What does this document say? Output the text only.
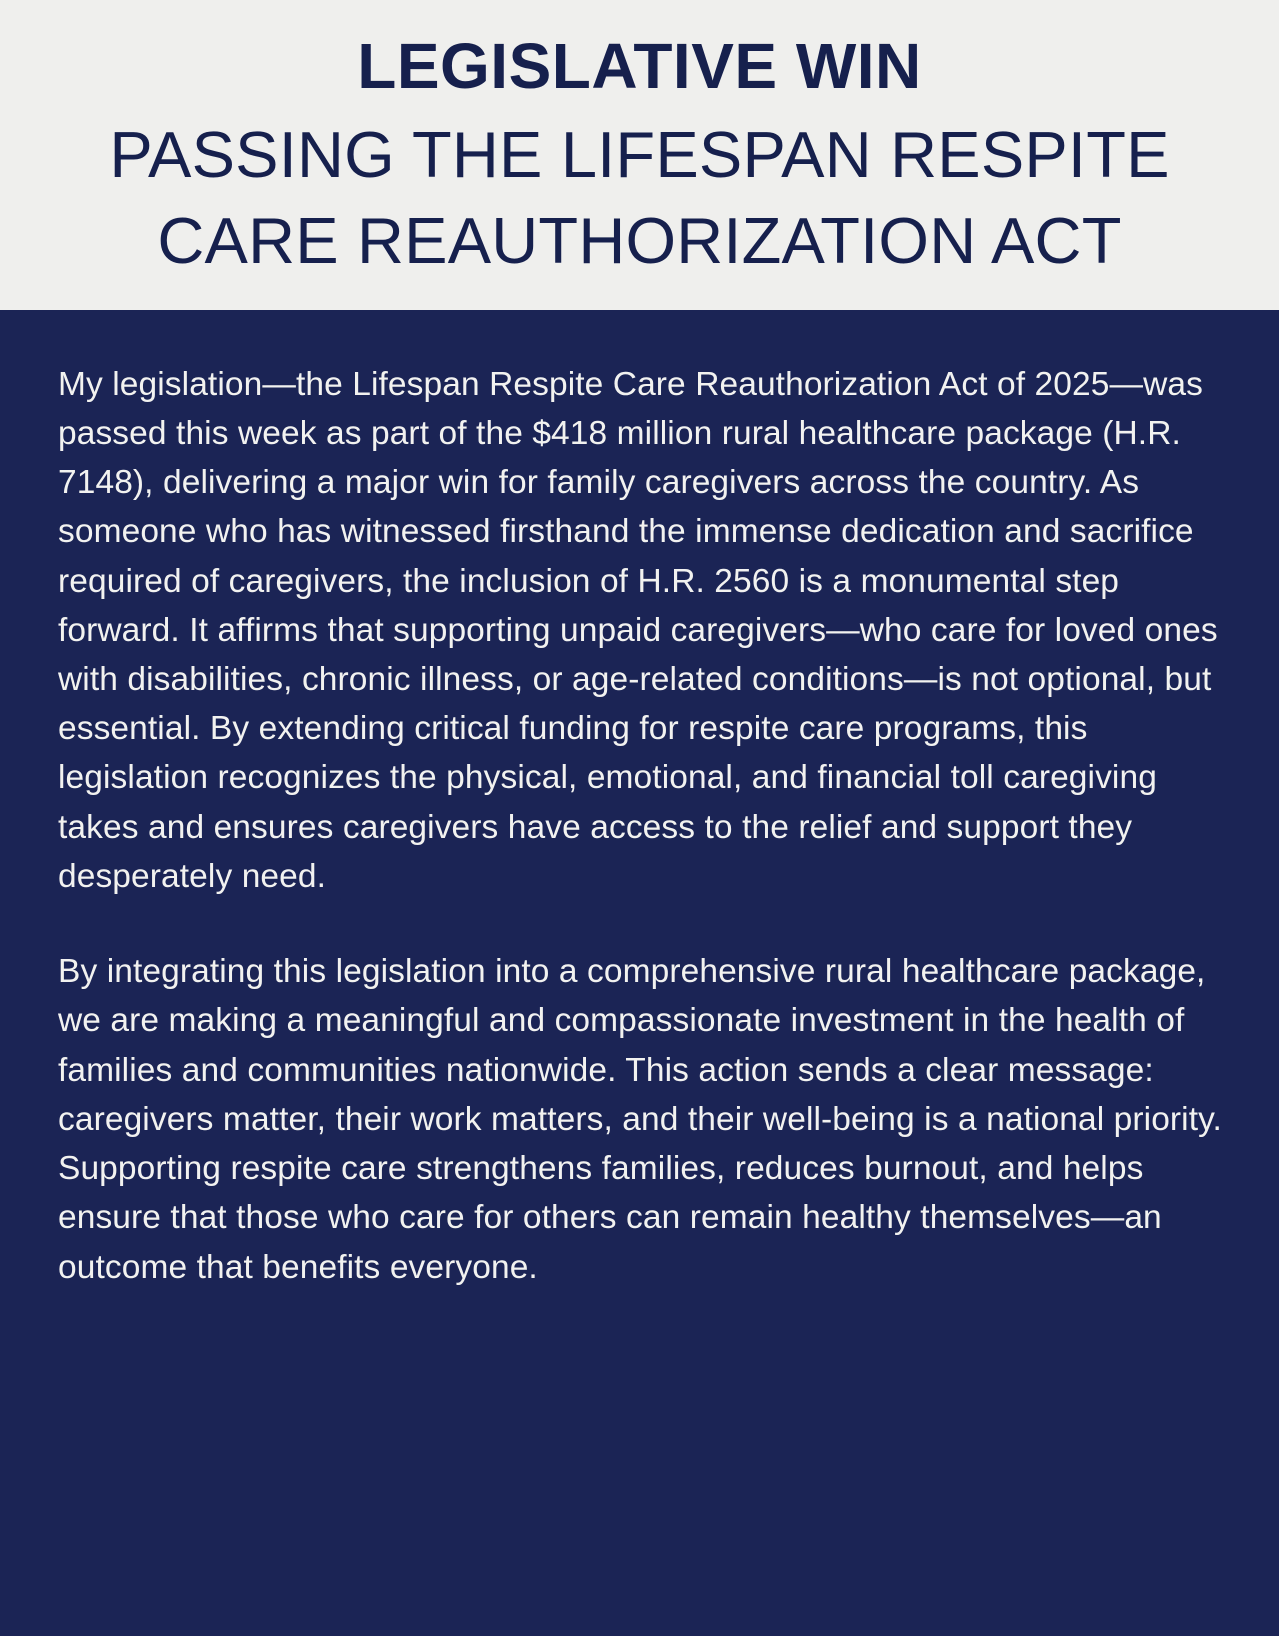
LEGISLATIVE WIN
PASSING THE LIFESPAN RESPITE CARE REAUTHORIZATION ACT

My legislation—the Lifespan Respite Care Reauthorization Act of 2025—was passed this week as part of the $418 million rural healthcare package (H.R. 7148), delivering a major win for family caregivers across the country. As someone who has witnessed firsthand the immense dedication and sacrifice required of caregivers, the inclusion of H.R. 2560 is a monumental step forward. It affirms that supporting unpaid caregivers—who care for loved ones with disabilities, chronic illness, or age-related conditions—is not optional, but essential. By extending critical funding for respite care programs, this legislation recognizes the physical, emotional, and financial toll caregiving takes and ensures caregivers have access to the relief and support they desperately need.

By integrating this legislation into a comprehensive rural healthcare package, we are making a meaningful and compassionate investment in the health of families and communities nationwide. This action sends a clear message: caregivers matter, their work matters, and their well-being is a national priority. Supporting respite care strengthens families, reduces burnout, and helps ensure that those who care for others can remain healthy themselves—an outcome that benefits everyone.
